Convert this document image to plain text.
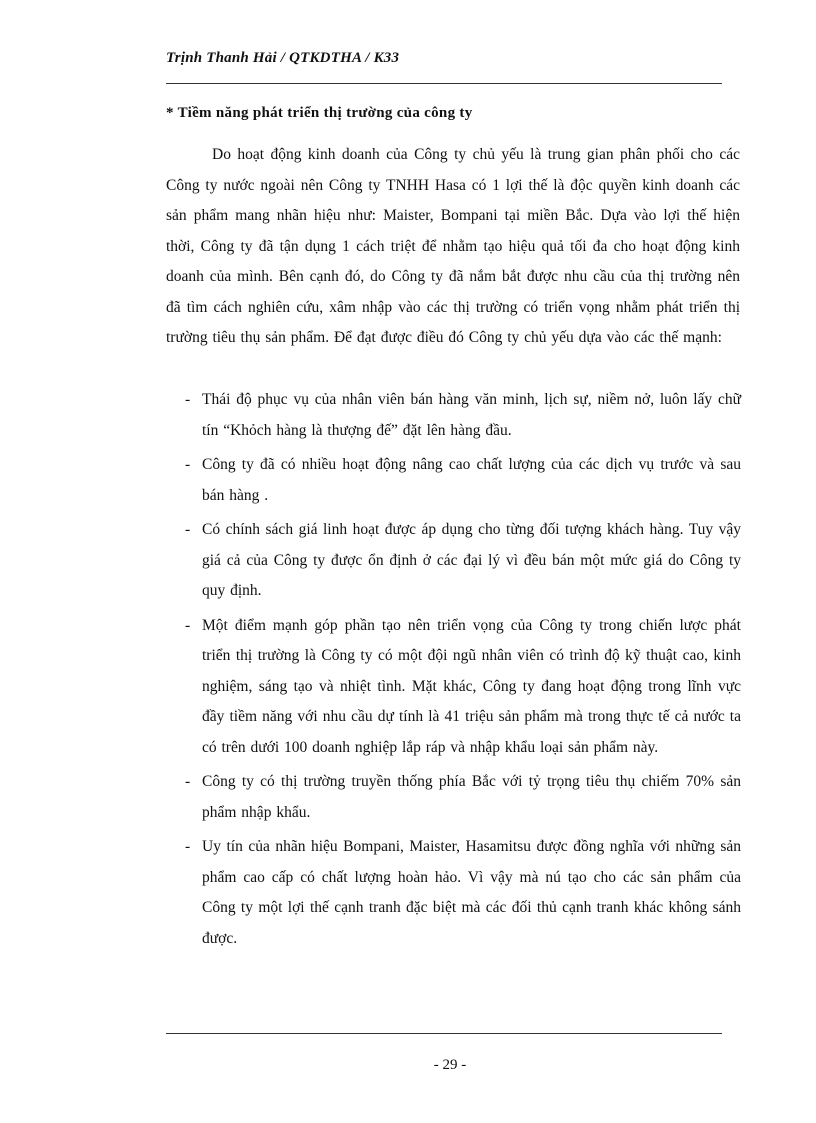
Trịnh Thanh Hải / QTKDTHA / K33
* Tiềm năng phát triển thị trường của công ty
Do hoạt động kinh doanh của Công ty chủ yếu là trung gian phân phối cho các Công ty nước ngoài nên Công ty TNHH Hasa có 1 lợi thế là độc quyền kinh doanh các sản phẩm mang nhãn hiệu như: Maister, Bompani tại miền Bắc. Dựa vào lợi thế hiện thời, Công ty đã tận dụng 1 cách triệt để nhằm tạo hiệu quả tối đa cho hoạt động kinh doanh của mình. Bên cạnh đó, do Công ty đã nắm bắt được nhu cầu của thị trường nên đã tìm cách nghiên cứu, xâm nhập vào các thị trường có triển vọng nhằm phát triển thị trường tiêu thụ sản phẩm. Để đạt được điều đó Công ty chủ yếu dựa vào các thế mạnh:
- Thái độ phục vụ của nhân viên bán hàng văn minh, lịch sự, niềm nở, luôn lấy chữ tín “Khỏch hàng là thượng đế” đặt lên hàng đầu.
- Công ty đã có nhiều hoạt động nâng cao chất lượng của các dịch vụ trước và sau bán hàng .
- Có chính sách giá linh hoạt được áp dụng cho từng đối tượng khách hàng. Tuy vậy giá cả của Công ty được ổn định ở các đại lý vì đều bán một mức giá do Công ty quy định.
- Một điểm mạnh góp phần tạo nên triển vọng của Công ty trong chiến lược phát triển thị trường là Công ty có một đội ngũ nhân viên có trình độ kỹ thuật cao, kinh nghiệm, sáng tạo và nhiệt tình. Mặt khác, Công ty đang hoạt động trong lĩnh vực đầy tiềm năng với nhu cầu dự tính là 41 triệu sản phẩm mà trong thực tế cả nước ta có trên dưới 100 doanh nghiệp lắp ráp và nhập khẩu loại sản phẩm này.
- Công ty có thị trường truyền thống phía Bắc với tỷ trọng tiêu thụ chiếm 70% sản phẩm nhập khẩu.
- Uy tín của nhãn hiệu Bompani, Maister, Hasamitsu được đồng nghĩa với những sản phẩm cao cấp có chất lượng hoàn hảo. Vì vậy mà nú tạo cho các sản phẩm của Công ty một lợi thế cạnh tranh đặc biệt mà các đối thủ cạnh tranh khác không sánh được.
- 29 -
